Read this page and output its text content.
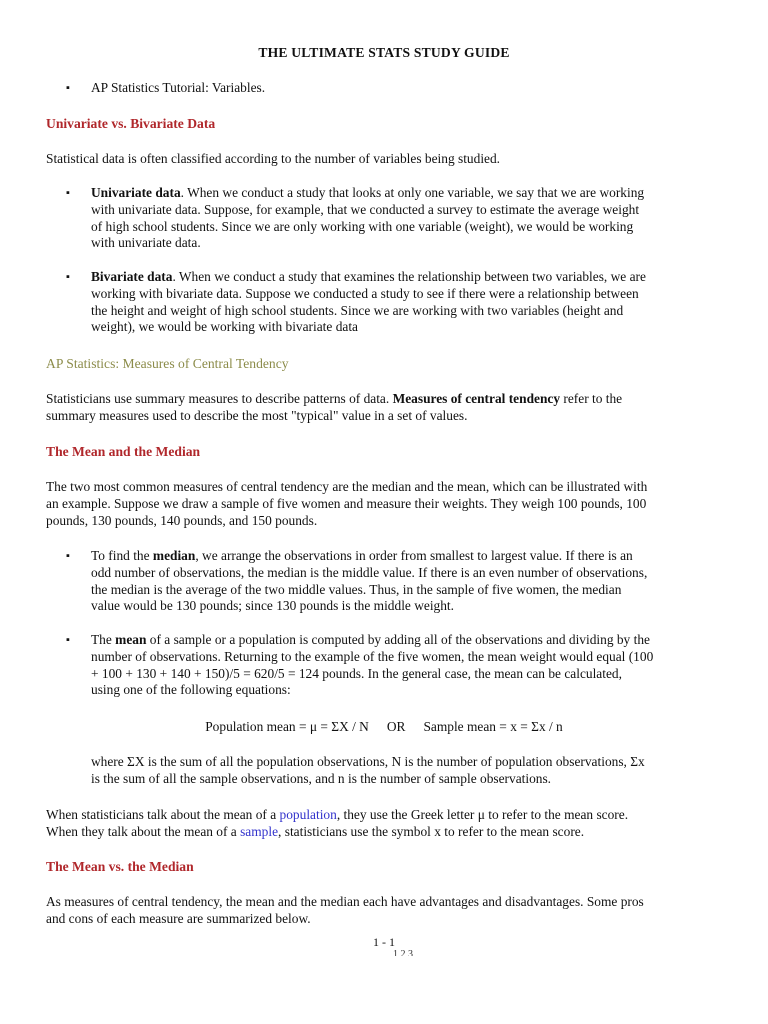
THE ULTIMATE STATS STUDY GUIDE
▪ AP Statistics Tutorial: Variables.
Univariate vs. Bivariate Data
Statistical data is often classified according to the number of variables being studied.
▪ Univariate data. When we conduct a study that looks at only one variable, we say that we are working
with univariate data. Suppose, for example, that we conducted a survey to estimate the average weight
of high school students. Since we are only working with one variable (weight), we would be working
with univariate data.
▪ Bivariate data. When we conduct a study that examines the relationship between two variables, we are
working with bivariate data. Suppose we conducted a study to see if there were a relationship between
the height and weight of high school students. Since we are working with two variables (height and
weight), we would be working with bivariate data
AP Statistics: Measures of Central Tendency
Statisticians use summary measures to describe patterns of data. Measures of central tendency refer to the
summary measures used to describe the most "typical" value in a set of values.
The Mean and the Median
The two most common measures of central tendency are the median and the mean, which can be illustrated with
an example. Suppose we draw a sample of five women and measure their weights. They weigh 100 pounds, 100
pounds, 130 pounds, 140 pounds, and 150 pounds.
▪ To find the median, we arrange the observations in order from smallest to largest value. If there is an
odd number of observations, the median is the middle value. If there is an even number of observations,
the median is the average of the two middle values. Thus, in the sample of five women, the median
value would be 130 pounds; since 130 pounds is the middle weight.
▪ The mean of a sample or a population is computed by adding all of the observations and dividing by the
number of observations. Returning to the example of the five women, the mean weight would equal (100
+ 100 + 130 + 140 + 150)/5 = 620/5 = 124 pounds. In the general case, the mean can be calculated,
using one of the following equations:
Population mean = μ = ΣX / N OR Sample mean = x = Σx / n
where ΣX is the sum of all the population observations, N is the number of population observations, Σx
is the sum of all the sample observations, and n is the number of sample observations.
When statisticians talk about the mean of a population, they use the Greek letter μ to refer to the mean score.
When they talk about the mean of a sample, statisticians use the symbol x to refer to the mean score.
The Mean vs. the Median
As measures of central tendency, the mean and the median each have advantages and disadvantages. Some pros
and cons of each measure are summarized below.
1 - 1
1 2 3
